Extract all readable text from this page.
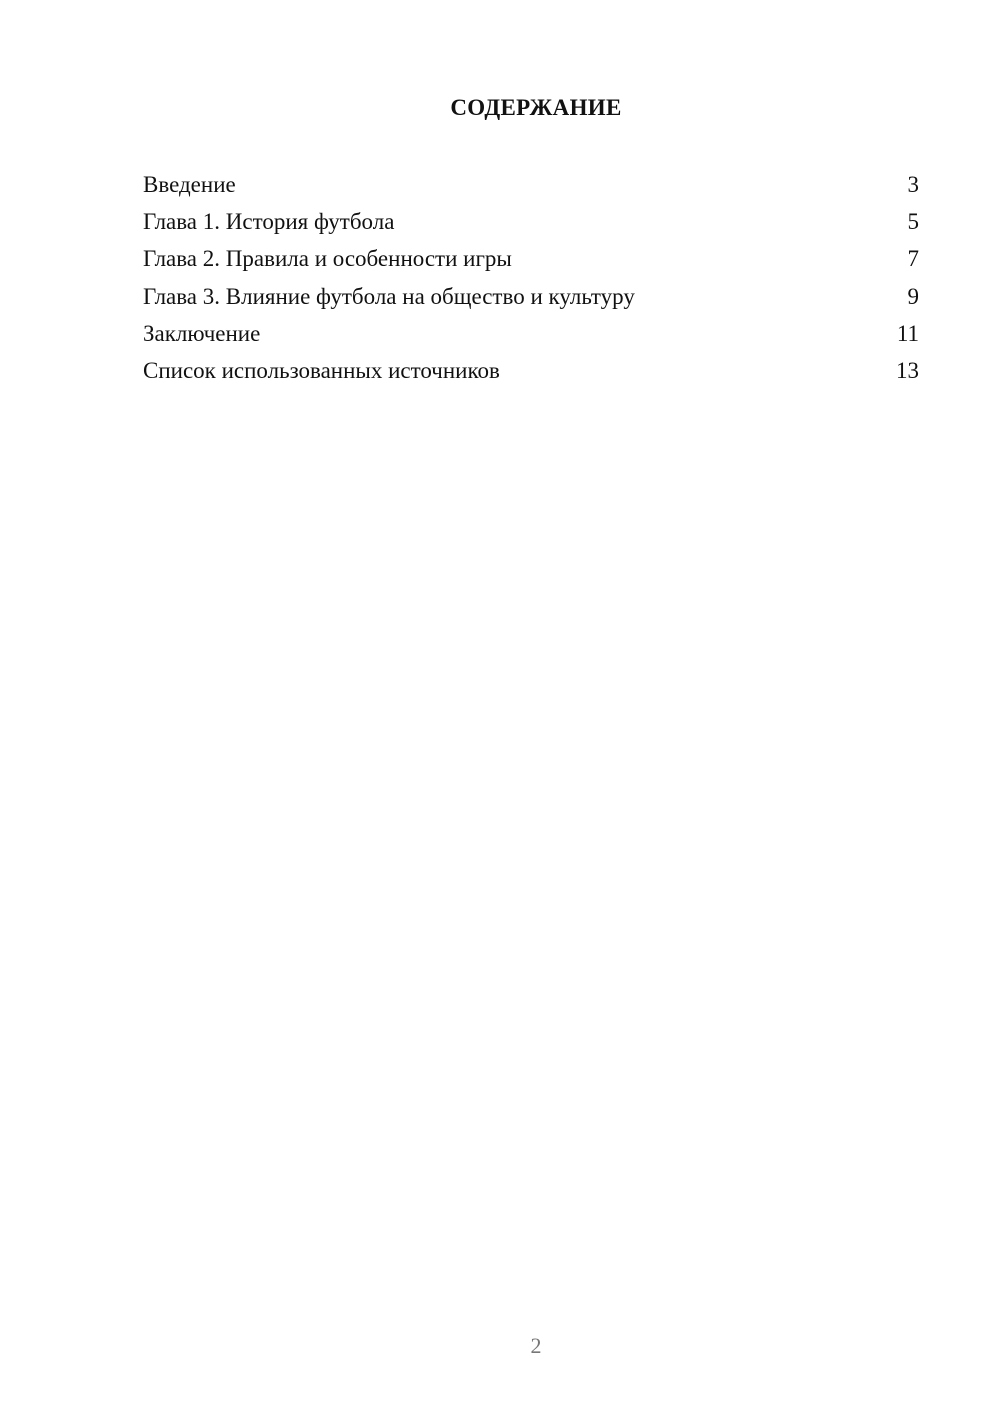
СОДЕРЖАНИЕ
Введение	3
Глава 1. История футбола	5
Глава 2. Правила и особенности игры	7
Глава 3. Влияние футбола на общество и культуру	9
Заключение	11
Список использованных источников	13
2
